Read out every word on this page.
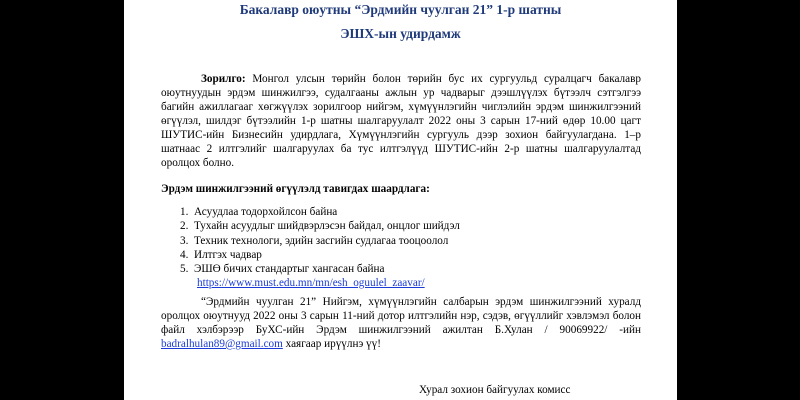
Бакалавр оюутны “Эрдмийн чуулган 21” 1-р шатны
ЭШХ-ын удирдамж

Зорилго: Монгол улсын төрийн болон төрийн бус их сургуульд суралцагч бакалавр оюутнуудын эрдэм шинжилгээ, судалгааны ажлын ур чадварыг дээшлүүлэх бүтээлч сэтгэлгээ багийн ажиллагааг хөгжүүлэх зорилгоор нийгэм, хүмүүнлэгийн чиглэлийн эрдэм шинжилгээний өгүүлэл, шилдэг бүтээлийн 1-р шатны шалгаруулалт 2022 оны 3 сарын 17-ний өдөр 10.00 цагт ШУТИС-ийн Бизнесийн удирдлага, Хүмүүнлэгийн сургууль дээр зохион байгуулагдана. 1–р шатнаас 2 илтгэлийг шалгаруулах ба тус илтгэлүүд ШУТИС-ийн 2-р шатны шалгаруулалтад оролцох болно.

Эрдэм шинжилгээний өгүүлэлд тавигдах шаардлага:
1. Асуудлаа тодорхойлсон байна
2. Тухайн асуудлыг шийдвэрлэсэн байдал, онцлог шийдэл
3. Техник технологи, эдийн засгийн судлагаа тооцоолол
4. Илтгэх чадвар
5. ЭШӨ бичих стандартыг хангасан байна
https://www.must.edu.mn/mn/esh_oguulel_zaavar/

“Эрдмийн чуулган 21” Нийгэм, хүмүүнлэгийн салбарын эрдэм шинжилгээний хуралд оролцох оюутнууд 2022 оны 3 сарын 11-ний дотор илтгэлийн нэр, сэдэв, өгүүллийг хэвлэмэл болон файл хэлбэрээр БуХС-ийн Эрдэм шинжилгээний ажилтан Б.Хулан / 90069922/ -ийн badralhulan89@gmail.com хаягаар ирүүлнэ үү!

Хурал зохион байгуулах комисс
